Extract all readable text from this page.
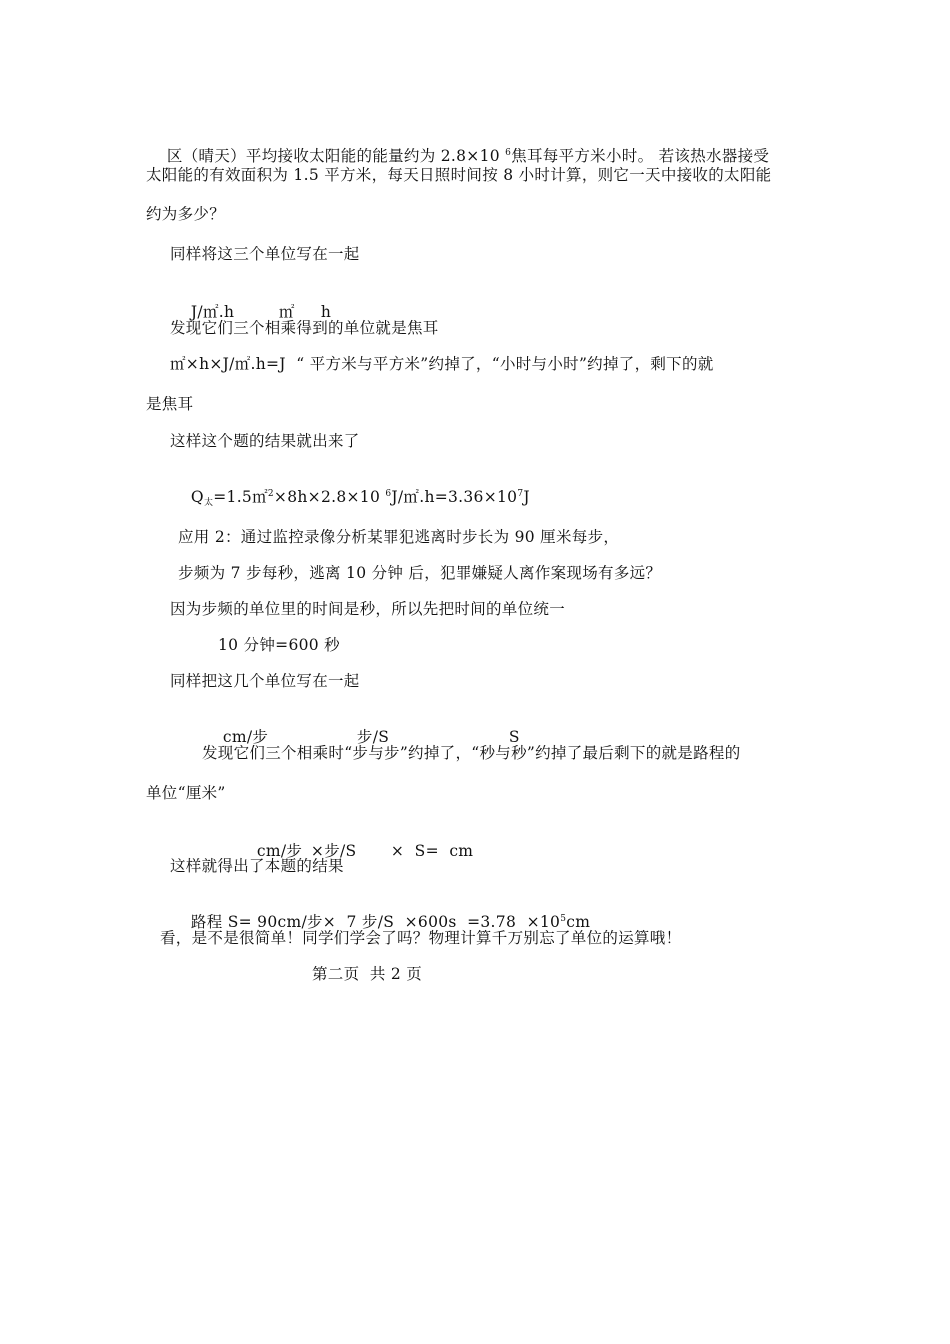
区（晴天）平均接收太阳能的能量约为 2.8×10 $^6$焦耳每平方米小时。 若该热水器接受

太阳能的有效面积为 1.5 平方米，每天日照时间按 8 小时计算，则它一天中接收的太阳能
约为多少？
同样将这三个单位写在一起

J/㎡.h	㎡ h

发现它们三个相乘得到的单位就是焦耳
㎡×h×J/㎡.h=J  “ 平方米与平方米”约掉了，“小时与小时”约掉了，剩下的就
是焦耳
这样这个题的结果就出来了

$Q_太=1.5㎡^2\times 8h\times 2.8\times 10$ $^6J/㎡.h=3.36\times 10^7J$

应用 2：通过监控录像分析某罪犯逃离时步长为 90 厘米每步，
步频为 7 步每秒，逃离 10 分钟 后，犯罪嫌疑人离作案现场有多远？
因为步频的单位里的时间是秒，所以先把时间的单位统一
10 分钟=600 秒
同样把这几个单位写在一起

cm/步	步/S	S

发现它们三个相乘时“步与步”约掉了，“秒与秒”约掉了最后剩下的就是路程的
单位“厘米”

cm/步 ×步/S ×  S=  cm

这样就得出了本题的结果

路程 S= 90cm/步×  7 步$/S \times 600s =3.78 \times 10^5cm$

看，是不是很简单！同学们学会了吗？物理计算千万别忘了单位的运算哦！
第二页  共 2 页
